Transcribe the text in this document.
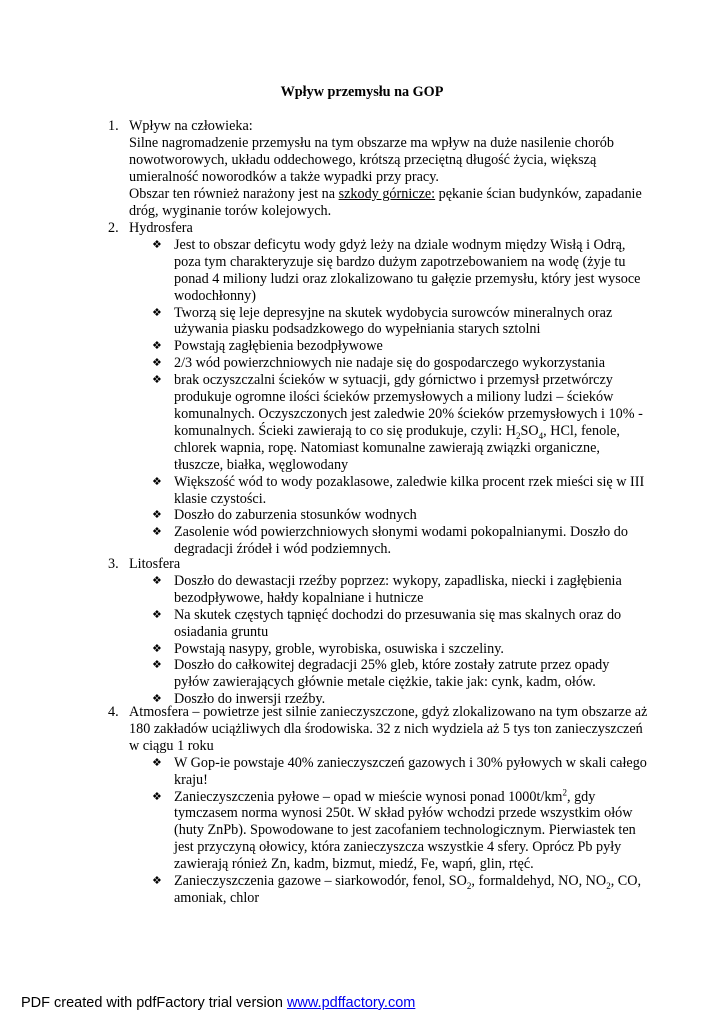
Wpływ przemysłu na GOP
1. Wpływ na człowieka:
Silne nagromadzenie przemysłu na tym obszarze ma wpływ na duże nasilenie chorób nowotworowych, układu oddechowego, krótszą przeciętną długość życia, większą umieralność noworodków a także wypadki przy pracy.
Obszar ten również narażony jest na szkody górnicze: pękanie ścian budynków, zapadanie dróg, wyginanie torów kolejowych.
2. Hydrosfera
❖ Jest to obszar deficytu wody gdyż leży na dziale wodnym między Wisłą i Odrą, poza tym charakteryzuje się bardzo dużym zapotrzebowaniem na wodę (żyje tu ponad 4 miliony ludzi oraz zlokalizowano tu gałęzie przemysłu, który jest wysoce wodochłonny)
❖ Tworzą się leje depresyjne na skutek wydobycia surowców mineralnych oraz używania piasku podsadzkowego do wypełniania starych sztolni
❖ Powstają zagłębienia bezodpływowe
❖ 2/3 wód powierzchniowych nie nadaje się do gospodarczego wykorzystania
❖ brak oczyszczalni ścieków w sytuacji, gdy górnictwo i przemysł przetwórczy produkuje ogromne ilości ścieków przemysłowych a miliony ludzi – ścieków komunalnych. Oczyszczonych jest zaledwie 20% ścieków przemysłowych i 10% - komunalnych. Ścieki zawierają to co się produkuje, czyli: $H_2SO_4$, HCl, fenole, chlorek wapnia, ropę. Natomiast komunalne zawierają związki organiczne, tłuszcze, białka, węglowodany
❖ Większość wód to wody pozaklasowe, zaledwie kilka procent rzek mieści się w III klasie czystości.
❖ Doszło do zaburzenia stosunków wodnych
❖ Zasolenie wód powierzchniowych słonymi wodami pokopalnianymi. Doszło do degradacji źródeł i wód podziemnych.
3. Litosfera
❖ Doszło do dewastacji rzeźby poprzez: wykopy, zapadliska, niecki i zagłębienia bezodpływowe, hałdy kopalniane i hutnicze
❖ Na skutek częstych tąpnięć dochodzi do przesuwania się mas skalnych oraz do osiadania gruntu
❖ Powstają nasypy, groble, wyrobiska, osuwiska i szczeliny.
❖ Doszło do całkowitej degradacji 25% gleb, które zostały zatrute przez opady pyłów zawierających głównie metale ciężkie, takie jak: cynk, kadm, ołów.
❖ Doszło do inwersji rzeźby.
4. Atmosfera – powietrze jest silnie zanieczyszczone, gdyż zlokalizowano na tym obszarze aż 180 zakładów uciążliwych dla środowiska. 32 z nich wydziela aż 5 tys ton zanieczyszczeń w ciągu 1 roku
❖ W Gop-ie powstaje 40% zanieczyszczeń gazowych i 30% pyłowych w skali całego kraju!
❖ Zanieczyszczenia pyłowe – opad w mieście wynosi ponad $1000t/km^2$, gdy tymczasem norma wynosi 250t. W skład pyłów wchodzi przede wszystkim ołów (huty ZnPb). Spowodowane to jest zacofaniem technologicznym. Pierwiastek ten jest przyczyną ołowicy, która zanieczyszcza wszystkie 4 sfery. Oprócz Pb pyły zawierają rónież Zn, kadm, bizmut, miedź, Fe, wapń, glin, rtęć.
❖ Zanieczyszczenia gazowe – siarkowodór, fenol, $SO_2$, formaldehyd, NO, $NO_2$, CO, amoniak, chlor
PDF created with pdfFactory trial version www.pdffactory.com
